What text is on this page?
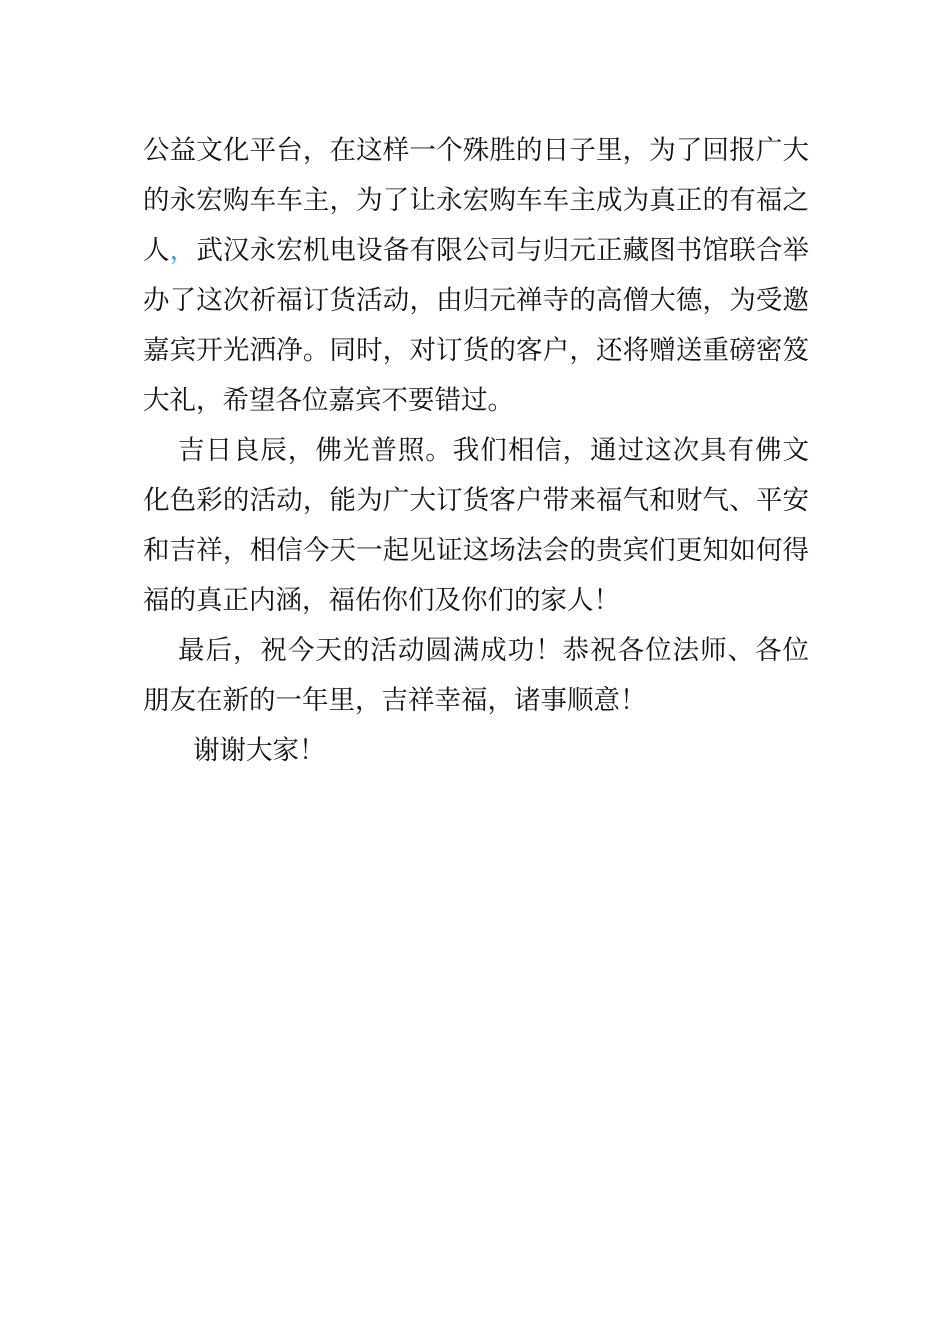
公益文化平台，在这样一个殊胜的日子里，为了回报广大的永宏购车车主，为了让永宏购车车主成为真正的有福之人，武汉永宏机电设备有限公司与归元正藏图书馆联合举办了这次祈福订货活动，由归元禅寺的高僧大德，为受邀嘉宾开光洒净。同时，对订货的客户，还将赠送重磅密笈大礼，希望各位嘉宾不要错过。

吉日良辰，佛光普照。我们相信，通过这次具有佛文化色彩的活动，能为广大订货客户带来福气和财气、平安和吉祥，相信今天一起见证这场法会的贵宾们更知如何得福的真正内涵，福佑你们及你们的家人！

最后，祝今天的活动圆满成功！恭祝各位法师、各位朋友在新的一年里，吉祥幸福，诸事顺意！

谢谢大家！
